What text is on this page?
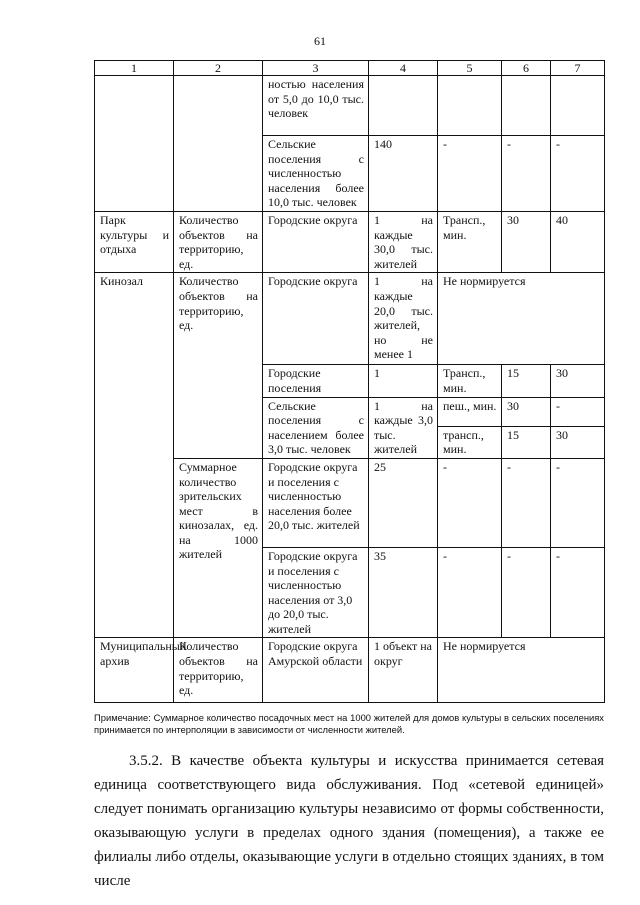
61
1	2	3	4	5	6	7
		ностью населения от 5,0 до 10,0 тыс. человек				
		Сельские поселения с численностью населения более 10,0 тыс. человек	140	-	-	-
Парк культуры и отдыха	Количество объектов на территорию, ед.	Городские округа	1 на каждые 30,0 тыс. жителей	Трансп., мин.	30	40
Кинозал	Количество объектов на территорию, ед.	Городские округа	1 на каждые 20,0 тыс. жителей, но не менее 1	Не нормируется		
		Городские поселения	1	Трансп., мин.	15	30
		Сельские поселения с населением более 3,0 тыс. человек	1 на каждые 3,0 тыс. жителей	пеш., мин.	30	-
				трансп., мин.	15	30
	Суммарное количество зрительских мест в кинозалах, ед. на 1000 жителей	Городские округа и поселения с численностью населения более 20,0 тыс. жителей	25	-	-	-
		Городские округа и поселения с численностью населения от 3,0 до 20,0 тыс. жителей	35	-	-	-

Муниципальный архив	Количество объектов на территорию, ед.	Городские округа Амурской области	1 объект на округ	Не нормируется		
Примечание: Суммарное количество посадочных мест на 1000 жителей для домов культуры в сельских поселениях принимается по интерполяции в зависимости от численности жителей.
3.5.2. В качестве объекта культуры и искусства принимается сетевая единица соответствующего вида обслуживания. Под «сетевой единицей» следует понимать организацию культуры независимо от формы собственности, оказывающую услуги в пределах одного здания (помещения), а также ее филиалы либо отделы, оказывающие услуги в отдельно стоящих зданиях, в том числе
